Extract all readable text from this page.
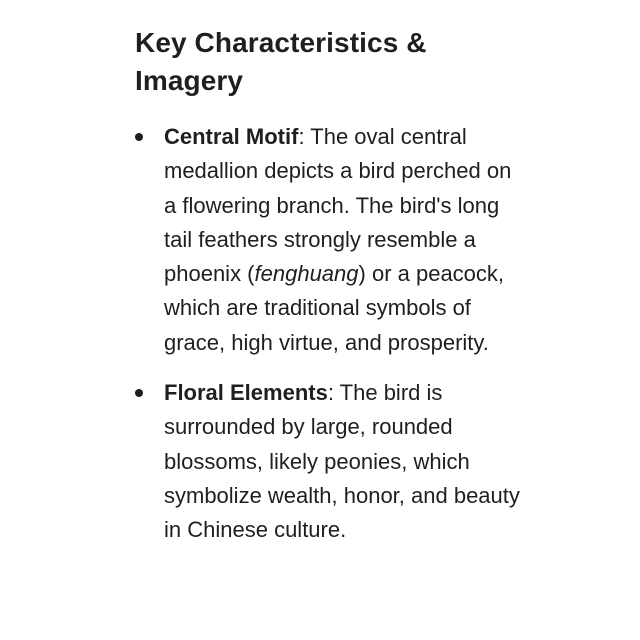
Key Characteristics & Imagery
Central Motif: The oval central medallion depicts a bird perched on a flowering branch. The bird's long tail feathers strongly resemble a phoenix (fenghuang) or a peacock, which are traditional symbols of grace, high virtue, and prosperity.
Floral Elements: The bird is surrounded by large, rounded blossoms, likely peonies, which symbolize wealth, honor, and beauty in Chinese culture.
